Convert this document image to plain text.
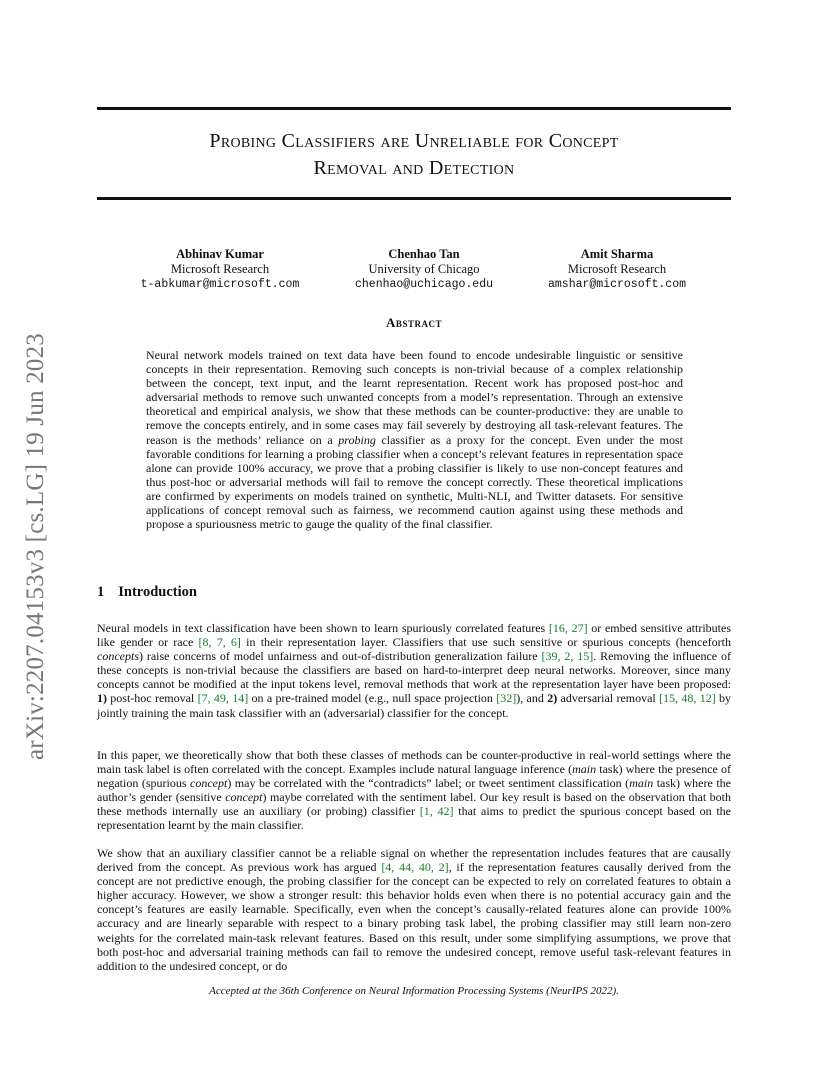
Probing Classifiers are Unreliable for Concept
Removal and Detection
arXiv:2207.04153v3 [cs.LG] 19 Jun 2023
Abhinav Kumar
Microsoft Research
t-abkumar@microsoft.com
Chenhao Tan
University of Chicago
chenhao@uchicago.edu
Amit Sharma
Microsoft Research
amshar@microsoft.com
Abstract
Neural network models trained on text data have been found to encode undesirable linguistic or sensitive concepts in their representation. Removing such concepts is non-trivial because of a complex relationship between the concept, text input, and the learnt representation. Recent work has proposed post-hoc and adversarial methods to remove such unwanted concepts from a model’s representation. Through an extensive theoretical and empirical analysis, we show that these methods can be counter-productive: they are unable to remove the concepts entirely, and in some cases may fail severely by destroying all task-relevant features. The reason is the methods’ reliance on a probing classifier as a proxy for the concept. Even under the most favorable conditions for learning a probing classifier when a concept’s relevant features in representation space alone can provide 100% accuracy, we prove that a probing classifier is likely to use non-concept features and thus post-hoc or adversarial methods will fail to remove the concept correctly. These theoretical implications are confirmed by experiments on models trained on synthetic, Multi-NLI, and Twitter datasets. For sensitive applications of concept removal such as fairness, we recommend caution against using these methods and propose a spuriousness metric to gauge the quality of the final classifier.
1 Introduction
Neural models in text classification have been shown to learn spuriously correlated features [16, 27] or embed sensitive attributes like gender or race [8, 7, 6] in their representation layer. Classifiers that use such sensitive or spurious concepts (henceforth concepts) raise concerns of model unfairness and out-of-distribution generalization failure [39, 2, 15]. Removing the influence of these concepts is non-trivial because the classifiers are based on hard-to-interpret deep neural networks. Moreover, since many concepts cannot be modified at the input tokens level, removal methods that work at the representation layer have been proposed: 1) post-hoc removal [7, 49, 14] on a pre-trained model (e.g., null space projection [32]), and 2) adversarial removal [15, 48, 12] by jointly training the main task classifier with an (adversarial) classifier for the concept.
In this paper, we theoretically show that both these classes of methods can be counter-productive in real-world settings where the main task label is often correlated with the concept. Examples include natural language inference (main task) where the presence of negation (spurious concept) may be correlated with the “contradicts” label; or tweet sentiment classification (main task) where the author’s gender (sensitive concept) maybe correlated with the sentiment label. Our key result is based on the observation that both these methods internally use an auxiliary (or probing) classifier [1, 42] that aims to predict the spurious concept based on the representation learnt by the main classifier.
We show that an auxiliary classifier cannot be a reliable signal on whether the representation includes features that are causally derived from the concept. As previous work has argued [4, 44, 40, 2], if the representation features causally derived from the concept are not predictive enough, the probing classifier for the concept can be expected to rely on correlated features to obtain a higher accuracy. However, we show a stronger result: this behavior holds even when there is no potential accuracy gain and the concept’s features are easily learnable. Specifically, even when the concept’s causally-related features alone can provide 100% accuracy and are linearly separable with respect to a binary probing task label, the probing classifier may still learn non-zero weights for the correlated main-task relevant features. Based on this result, under some simplifying assumptions, we prove that both post-hoc and adversarial training methods can fail to remove the undesired concept, remove useful task-relevant features in addition to the undesired concept, or do
Accepted at the 36th Conference on Neural Information Processing Systems (NeurIPS 2022).
